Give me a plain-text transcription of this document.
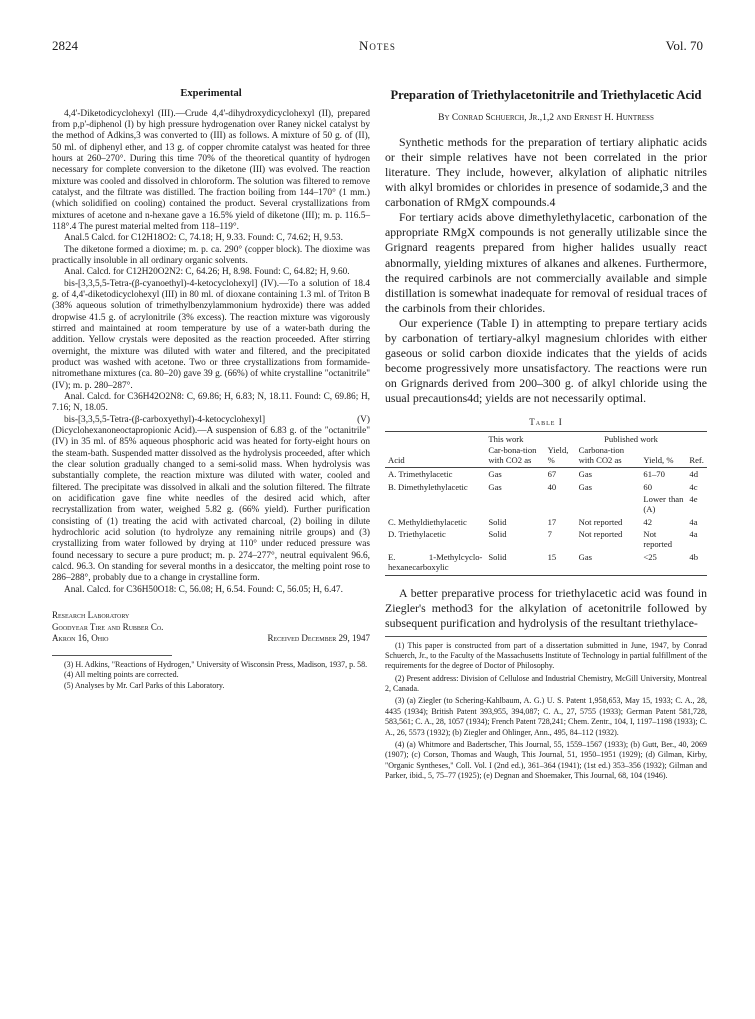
2824	Notes	Vol. 70
Experimental

4,4'-Diketodicyclohexyl (III).—Crude 4,4'-dihydroxydicyclohexyl (II), prepared from p,p'-diphenol (I) by high pressure hydrogenation over Raney nickel catalyst by the method of Adkins,3 was converted to (III) as follows. A mixture of 50 g. of (II), 50 ml. of diphenyl ether, and 13 g. of copper chromite catalyst was heated for three hours at 260–270°. During this time 70% of the theoretical quantity of hydrogen necessary for complete conversion to the diketone (III) was evolved. The reaction mixture was cooled and dissolved in chloroform. The solution was filtered to remove catalyst, and the filtrate was distilled. The fraction boiling from 144–170° (1 mm.) (which solidified on cooling) contained the product. Several crystallizations from mixtures of acetone and n-hexane gave a 16.5% yield of diketone (III); m. p. 116.5–118°.4 The purest material melted from 118–119°.

Anal.5 Calcd. for C12H18O2: C, 74.18; H, 9.33. Found: C, 74.62; H, 9.53.

The diketone formed a dioxime; m. p. ca. 290° (copper block). The dioxime was practically insoluble in all ordinary organic solvents.

Anal. Calcd. for C12H20O2N2: C, 64.26; H, 8.98. Found: C, 64.82; H, 9.60.

bis-[3,3,5,5-Tetra-(β-cyanoethyl)-4-ketocyclohexyl] (IV).—To a solution of 18.4 g. of 4,4'-diketodicyclohexyl (III) in 80 ml. of dioxane containing 1.3 ml. of Triton B (38% aqueous solution of trimethylbenzylammonium hydroxide) there was added dropwise 41.5 g. of acrylonitrile (3% excess). The reaction mixture was vigorously stirred and maintained at room temperature by use of a water-bath during the addition. Yellow crystals were deposited as the reaction proceeded. After stirring overnight, the mixture was diluted with water and filtered, and the precipitated product was washed with acetone. Two or three crystallizations from formamide-nitromethane mixtures (ca. 80–20) gave 39 g. (66%) of white crystalline "octanitrile" (IV); m. p. 280–287°.

Anal. Calcd. for C36H42O2N8: C, 69.86; H, 6.83; N, 18.11. Found: C, 69.86; H, 7.16; N, 18.05.

bis-[3,3,5,5-Tetra-(β-carboxyethyl)-4-ketocyclohexyl] (V) (Dicyclohexanoneoctapropionic Acid).—A suspension of 6.83 g. of the "octanitrile" (IV) in 35 ml. of 85% aqueous phosphoric acid was heated for forty-eight hours on the steam-bath. Suspended matter dissolved as the hydrolysis proceeded, after which the clear solution gradually changed to a semi-solid mass. When hydrolysis was substantially complete, the reaction mixture was diluted with water, cooled and filtered. The precipitate was dissolved in alkali and the solution filtered. The filtrate on acidification gave fine white needles of the desired acid which, after recrystallization from water, weighed 5.82 g. (66% yield). Further purification consisting of (1) treating the acid with activated charcoal, (2) boiling in dilute hydrochloric acid solution (to hydrolyze any remaining nitrile groups) and (3) crystallizing from water followed by drying at 110° under reduced pressure was found necessary to secure a pure product; m. p. 274–277°, neutral equivalent 96.6, calcd. 96.3. On standing for several months in a desiccator, the melting point rose to 286–288°, probably due to a change in crystalline form.

Anal. Calcd. for C36H50O18: C, 56.08; H, 6.54. Found: C, 56.05; H, 6.47.

Research Laboratory
Goodyear Tire and Rubber Co.
Akron 16, Ohio	Received December 29, 1947

(3) H. Adkins, "Reactions of Hydrogen," University of Wisconsin Press, Madison, 1937, p. 58.

(4) All melting points are corrected.

(5) Analyses by Mr. Carl Parks of this Laboratory.

Preparation of Triethylacetonitrile and Triethylacetic Acid
By Conrad Schuerch, Jr.,1,2 and Ernest H. Huntress

Synthetic methods for the preparation of tertiary aliphatic acids or their simple relatives have not been correlated in the prior literature. They include, however, alkylation of aliphatic nitriles with alkyl bromides or chlorides in presence of sodamide,3 and the carbonation of RMgX compounds.4

For tertiary acids above dimethylethylacetic, carbonation of the appropriate RMgX compounds is not generally utilizable since the Grignard reagents prepared from higher halides usually react abnormally, yielding mixtures of alkanes and alkenes. Furthermore, the required carbinols are not commercially available and simple distillation is somewhat inadequate for removal of residual traces of the carbinols from their chlorides.

Our experience (Table I) in attempting to prepare tertiary acids by carbonation of tertiary-alkyl magnesium chlorides with either gaseous or solid carbon dioxide indicates that the yields of acids become progressively more unsatisfactory. The reactions were run on Grignards derived from 200–300 g. of alkyl chloride using the usual precautions4d; yields are not necessarily optimal.

Table I
	This work		Published work		
Acid	Car-bona-tion with CO2 as	Yield, %	Carbona-tion with CO2 as	Yield, %	Ref.
A. Trimethylacetic	Gas	67	Gas	61–70	4d
B. Dimethylethylacetic	Gas	40	Gas	60	4c
				Lower than (A)	4e
C. Methyldiethylacetic	Solid	17	Not reported	42	4a
D. Triethylacetic	Solid	7	Not reported	Not reported	4a
E. 1-Methylcyclo-hexanecarboxylic	Solid	15	Gas	<25	4b

A better preparative process for triethylacetic acid was found in Ziegler's method3 for the alkylation of acetonitrile followed by subsequent purification and hydrolysis of the resultant triethylace-

(1) This paper is constructed from part of a dissertation submitted in June, 1947, by Conrad Schuerch, Jr., to the Faculty of the Massachusetts Institute of Technology in partial fulfillment of the requirements for the degree of Doctor of Philosophy.

(2) Present address: Division of Cellulose and Industrial Chemistry, McGill University, Montreal 2, Canada.

(3) (a) Ziegler (to Schering-Kahlbaum, A. G.) U. S. Patent 1,958,653, May 15, 1933; C. A., 28, 4435 (1934); British Patent 393,955, 394,087; C. A., 27, 5755 (1933); German Patent 581,728, 583,561; C. A., 28, 1057 (1934); French Patent 728,241; Chem. Zentr., 104, I, 1197–1198 (1933); C. A., 26, 5573 (1932); (b) Ziegler and Ohlinger, Ann., 495, 84–112 (1932).

(4) (a) Whitmore and Badertscher, This Journal, 55, 1559–1567 (1933); (b) Gutt, Ber., 40, 2069 (1907); (c) Corson, Thomas and Waugh, This Journal, 51, 1950–1951 (1929); (d) Gilman, Kirby, "Organic Syntheses," Coll. Vol. I (2nd ed.), 361–364 (1941); (1st ed.) 353–356 (1932); Gilman and Parker, ibid., 5, 75–77 (1925); (e) Degnan and Shoemaker, This Journal, 68, 104 (1946).
